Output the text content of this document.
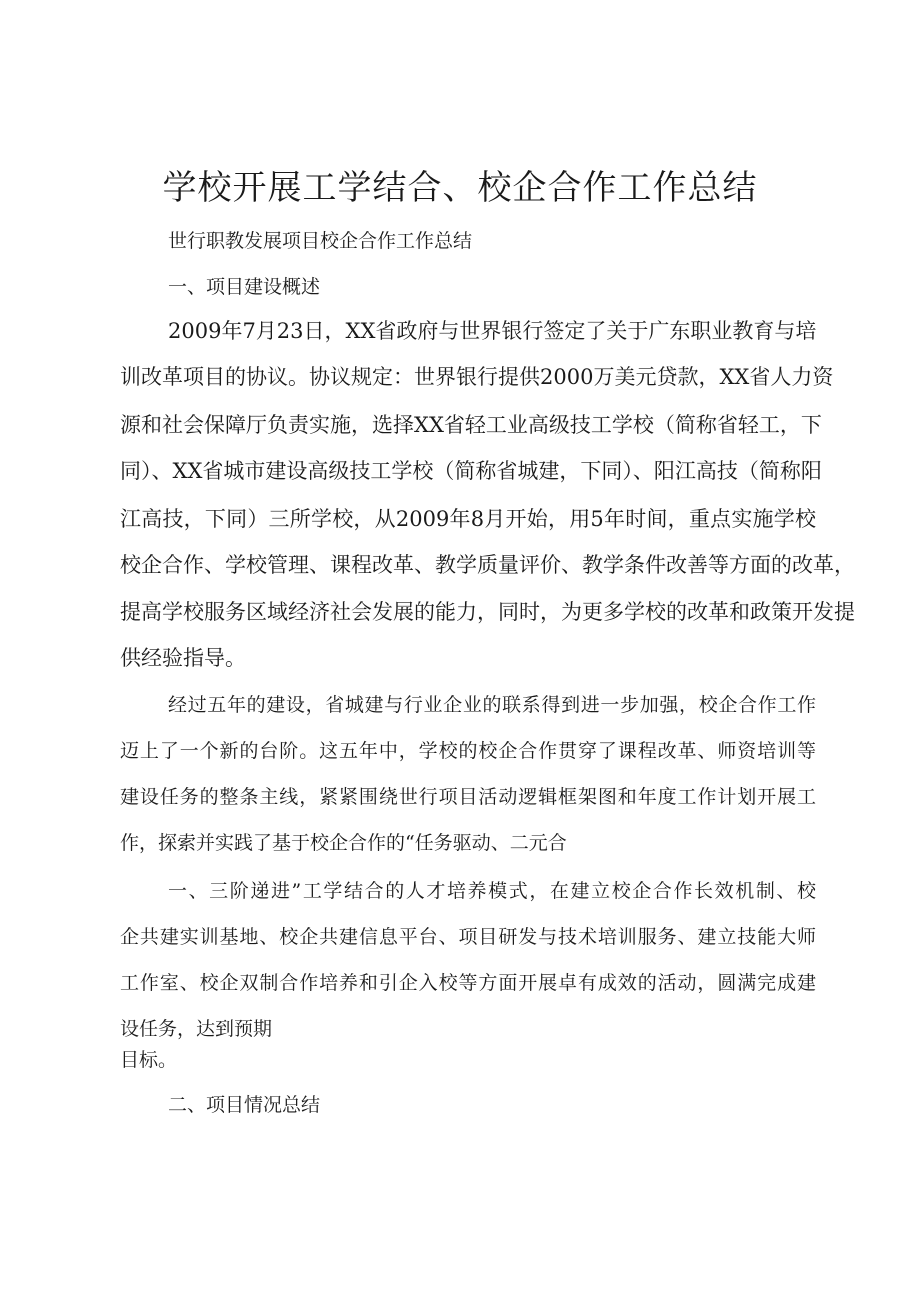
学校开展工学结合、校企合作工作总结

世行职教发展项目校企合作工作总结

一、项目建设概述

2009年7月23日，XX省政府与世界银行签定了关于广东职业教育与培

训改革项目的协议。协议规定：世界银行提供2000万美元贷款，XX省人力资

源和社会保障厅负责实施，选择XX省轻工业高级技工学校（简称省轻工，下

同）、XX省城市建设高级技工学校（简称省城建，下同）、阳江高技（简称阳

江高技，下同）三所学校，从2009年8月开始，用5年时间，重点实施学校

校企合作、学校管理、课程改革、教学质量评价、教学条件改善等方面的改革，

提高学校服务区域经济社会发展的能力，同时，为更多学校的改革和政策开发提

供经验指导。

经过五年的建设，省城建与行业企业的联系得到进一步加强，校企合作工作

迈上了一个新的台阶。这五年中，学校的校企合作贯穿了课程改革、师资培训等

建设任务的整条主线，紧紧围绕世行项目活动逻辑框架图和年度工作计划开展工

作，探索并实践了基于校企合作的“任务驱动、二元合

一、三阶递进”工学结合的人才培养模式，在建立校企合作长效机制、校

企共建实训基地、校企共建信息平台、项目研发与技术培训服务、建立技能大师

工作室、校企双制合作培养和引企入校等方面开展卓有成效的活动，圆满完成建

设任务，达到预期

目标。

二、项目情况总结
